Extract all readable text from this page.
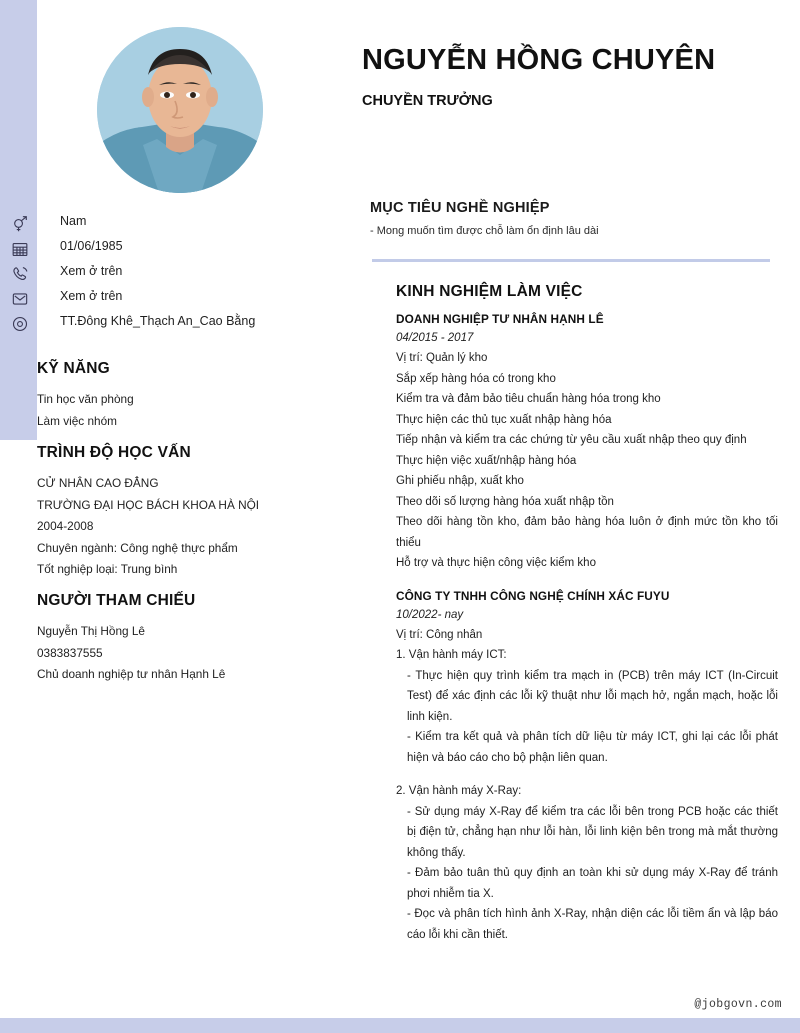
NGUYỄN HỒNG CHUYÊN
CHUYỀN TRƯỞNG
MỤC TIÊU NGHỀ NGHIỆP
- Mong muốn tìm được chỗ làm ổn định lâu dài
Nam
01/06/1985
Xem ở trên
Xem ở trên
TT.Đông Khê_Thạch An_Cao Bằng
KỸ NĂNG
Tin học văn phòng
Làm việc nhóm
TRÌNH ĐỘ HỌC VẤN
CỬ NHÂN CAO ĐẲNG
TRƯỜNG ĐẠI HỌC BÁCH KHOA HÀ NỘI
2004-2008
Chuyên ngành: Công nghệ thực phẩm
Tốt nghiệp loại: Trung bình
NGƯỜI THAM CHIẾU
Nguyễn Thị Hồng Lê
0383837555
Chủ doanh nghiệp tư nhân Hạnh Lê
KINH NGHIỆM LÀM VIỆC
DOANH NGHIỆP TƯ NHÂN HẠNH LÊ
04/2015 - 2017
Vị trí: Quản lý kho
Sắp xếp hàng hóa có trong kho
Kiểm tra và đảm bảo tiêu chuẩn hàng hóa trong kho
Thực hiện các thủ tục xuất nhập hàng hóa
Tiếp nhận và kiểm tra các chứng từ yêu cầu xuất nhập theo quy định
Thực hiện việc xuất/nhập hàng hóa
Ghi phiếu nhập, xuất kho
Theo dõi số lượng hàng hóa xuất nhập tồn
Theo dõi hàng tồn kho, đảm bảo hàng hóa luôn ở định mức tồn kho tối thiểu
Hỗ trợ và thực hiện công việc kiểm kho
CÔNG TY TNHH CÔNG NGHỆ CHÍNH XÁC FUYU
10/2022- nay
Vị trí: Công nhân
1. Vận hành máy ICT:
- Thực hiện quy trình kiểm tra mạch in (PCB) trên máy ICT (In-Circuit Test) để xác định các lỗi kỹ thuật như lỗi mạch hở, ngắn mạch, hoặc lỗi linh kiện.
- Kiểm tra kết quả và phân tích dữ liệu từ máy ICT, ghi lại các lỗi phát hiện và báo cáo cho bộ phận liên quan.
2. Vận hành máy X-Ray:
- Sử dụng máy X-Ray để kiểm tra các lỗi bên trong PCB hoặc các thiết bị điện tử, chẳng hạn như lỗi hàn, lỗi linh kiện bên trong mà mắt thường không thấy.
- Đảm bảo tuân thủ quy định an toàn khi sử dụng máy X-Ray để tránh phơi nhiễm tia X.
- Đọc và phân tích hình ảnh X-Ray, nhận diện các lỗi tiềm ẩn và lập báo cáo lỗi khi cần thiết.
@jobgovn.com
